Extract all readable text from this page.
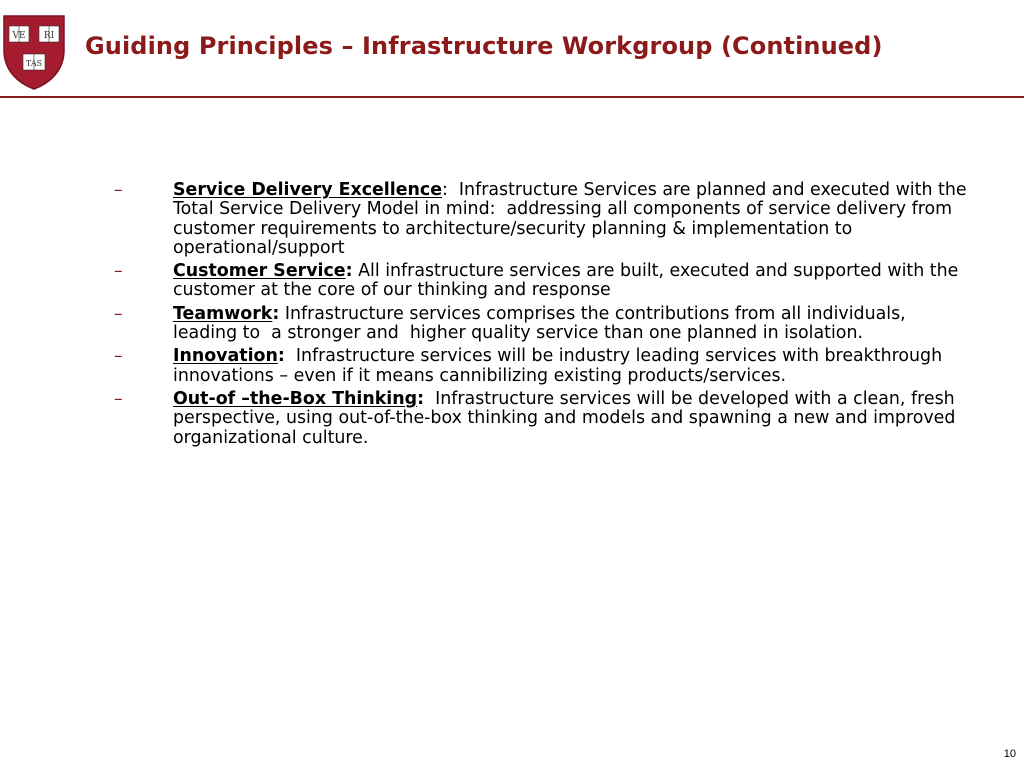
VE RI
TAS
Guiding Principles – Infrastructure Workgroup (Continued)
–	Service Delivery Excellence:  Infrastructure Services are planned and executed with the Total Service Delivery Model in mind:  addressing all components of service delivery from customer requirements to architecture/security planning & implementation to  operational/support
–	Customer Service: All infrastructure services are built, executed and supported with the customer at the core of our thinking and response
–	Teamwork: Infrastructure services comprises the contributions from all individuals, leading to  a stronger and  higher quality service than one planned in isolation.
–	Innovation:  Infrastructure services will be industry leading services with breakthrough innovations – even if it means cannibilizing existing products/services.
–	Out-of –the-Box Thinking:  Infrastructure services will be developed with a clean, fresh perspective, using out-of-the-box thinking and models and spawning a new and improved organizational culture.
10
